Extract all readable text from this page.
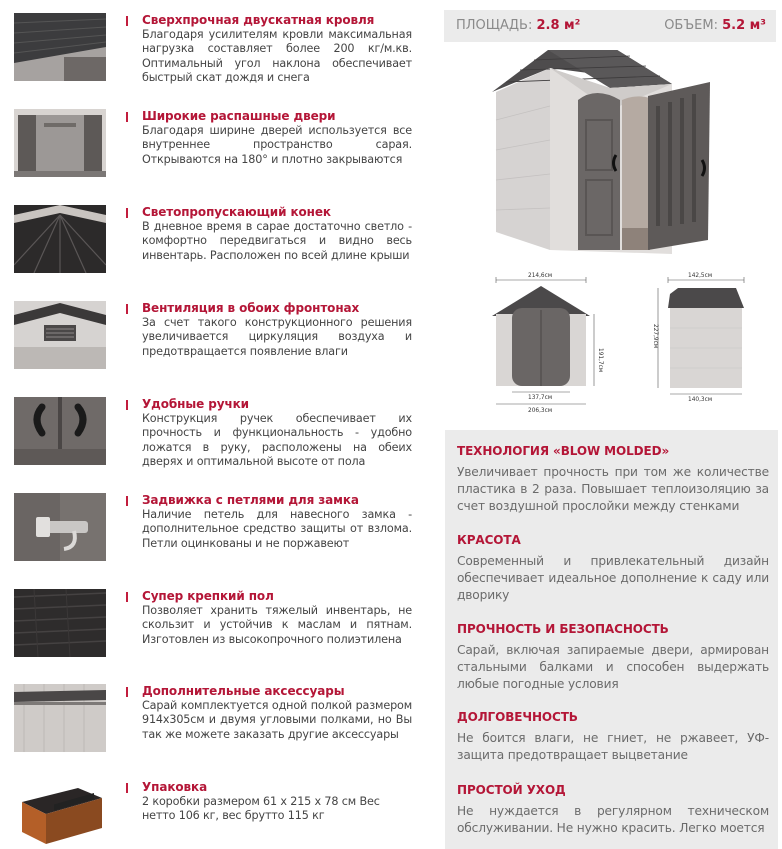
Сверхпрочная двускатная кровля
Благодаря усилителям кровли максимальная нагрузка составляет более 200 кг/м.кв. Оптимальный угол наклона обеспечивает быстрый скат дождя и снега
Широкие распашные двери
Благодаря ширине дверей используется все внутреннее пространство сарая. Открываются на 180° и плотно закрываются
Светопропускающий конек
В дневное время в сарае достаточно светло - комфортно передвигаться и видно весь инвентарь. Расположен по всей длине крыши
Вентиляция в обоих фронтонах
За счет такого конструкционного решения увеличивается циркуляция воздуха и предотвращается появление влаги
Удобные ручки
Конструкция ручек обеспечивает их прочность и функциональность - удобно ложатся в руку, расположены на обеих дверях и оптимальной высоте от пола
Задвижка с петлями для замка
Наличие петель для навесного замка - дополнительное средство защиты от взлома. Петли оцинкованы и не поржавеют
Супер крепкий пол
Позволяет хранить тяжелый инвентарь, не скользит и устойчив к маслам и пятнам. Изготовлен из высокопрочного полиэтилена
Дополнительные аксессуары
Сарай комплектуется одной полкой размером 914х305см и двумя угловыми полками, но Вы так же можете заказать другие аксессуары
Упаковка
2 коробки размером 61 х 215 х 78 см Вес нетто 106 кг, вес брутто 115 кг
ПЛОЩАДЬ: 2.8 м²	ОБЪЕМ: 5.2 м³
214,6см
191,7см
137,7см
206,3см
142,5см
227,9см
140,3см
ТЕХНОЛОГИЯ «BLOW MOLDED»
Увеличивает прочность при том же количестве пластика в 2 раза. Повышает теплоизоляцию за счет воздушной прослойки между стенками
КРАСОТА
Современный и привлекательный дизайн обеспечивает идеальное дополнение к саду или дворику
ПРОЧНОСТЬ И БЕЗОПАСНОСТЬ
Сарай, включая запираемые двери, армирован стальными балками и способен выдержать любые погодные условия
ДОЛГОВЕЧНОСТЬ
Не боится влаги, не гниет, не ржавеет, УФ-защита предотвращает выцветание
ПРОСТОЙ УХОД
Не нуждается в регулярном техническом обслуживании. Не нужно красить. Легко моется
